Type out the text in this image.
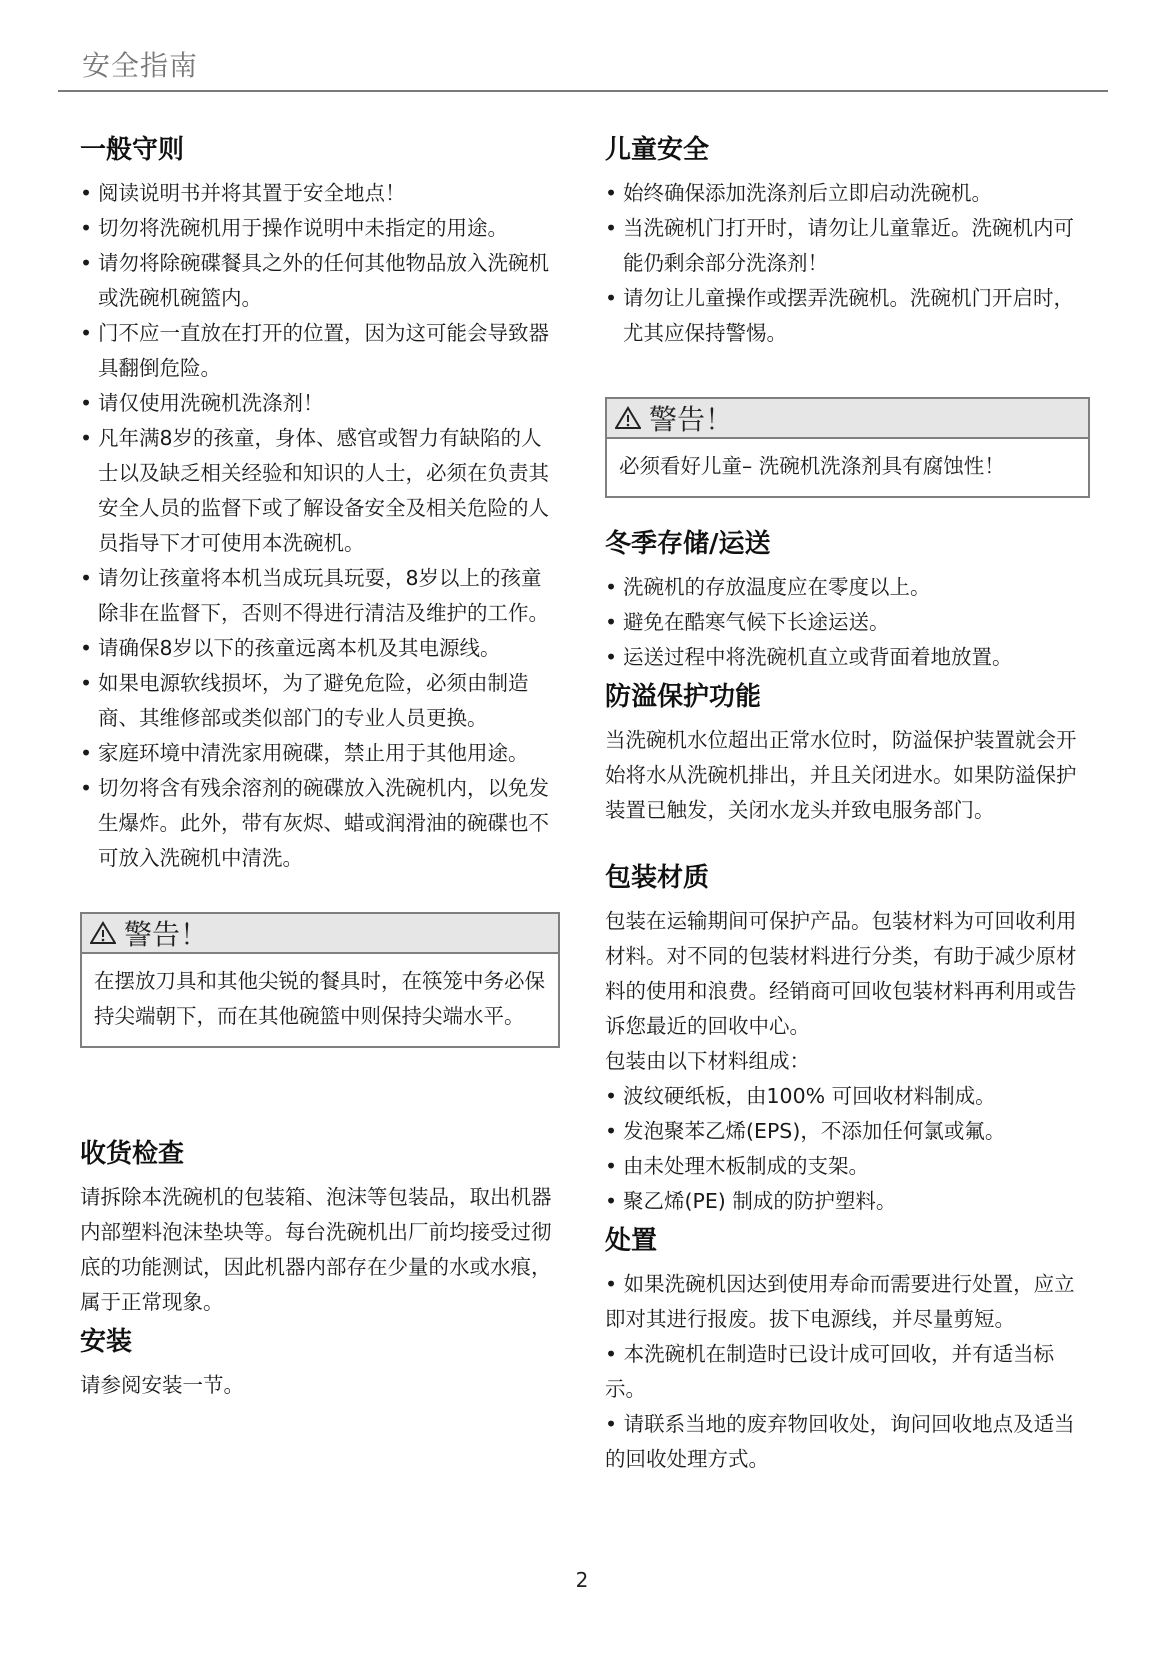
安全指南
一般守则
• 阅读说明书并将其置于安全地点！
• 切勿将洗碗机用于操作说明中未指定的用途。
• 请勿将除碗碟餐具之外的任何其他物品放入洗碗机或洗碗机碗篮内。
• 门不应一直放在打开的位置，因为这可能会导致器具翻倒危险。
• 请仅使用洗碗机洗涤剂！
• 凡年满8岁的孩童，身体、感官或智力有缺陷的人士以及缺乏相关经验和知识的人士，必须在负责其安全人员的监督下或了解设备安全及相关危险的人员指导下才可使用本洗碗机。
• 请勿让孩童将本机当成玩具玩耍，8岁以上的孩童除非在监督下，否则不得进行清洁及维护的工作。
• 请确保8岁以下的孩童远离本机及其电源线。
• 如果电源软线损坏，为了避免危险，必须由制造商、其维修部或类似部门的专业人员更换。
• 家庭环境中清洗家用碗碟，禁止用于其他用途。
• 切勿将含有残余溶剂的碗碟放入洗碗机内，以免发生爆炸。此外，带有灰烬、蜡或润滑油的碗碟也不可放入洗碗机中清洗。
警告！
在摆放刀具和其他尖锐的餐具时，在筷笼中务必保持尖端朝下，而在其他碗篮中则保持尖端水平。
收货检查

请拆除本洗碗机的包装箱、泡沫等包装品，取出机器内部塑料泡沫垫块等。每台洗碗机出厂前均接受过彻底的功能测试，因此机器内部存在少量的水或水痕，属于正常现象。

安装

请参阅安装一节。

儿童安全
• 始终确保添加洗涤剂后立即启动洗碗机。
• 当洗碗机门打开时，请勿让儿童靠近。洗碗机内可能仍剩余部分洗涤剂！
• 请勿让儿童操作或摆弄洗碗机。洗碗机门开启时，尤其应保持警惕。
警告！
必须看好儿童– 洗碗机洗涤剂具有腐蚀性！
冬季存储/运送
• 洗碗机的存放温度应在零度以上。
• 避免在酷寒气候下长途运送。
• 运送过程中将洗碗机直立或背面着地放置。
防溢保护功能

当洗碗机水位超出正常水位时，防溢保护装置就会开始将水从洗碗机排出，并且关闭进水。如果防溢保护装置已触发，关闭水龙头并致电服务部门。

包装材质

包装在运输期间可保护产品。包装材料为可回收利用材料。对不同的包装材料进行分类，有助于减少原材料的使用和浪费。经销商可回收包装材料再利用或告诉您最近的回收中心。

包装由以下材料组成：

• 波纹硬纸板，由100% 可回收材料制成。
• 发泡聚苯乙烯(EPS)，不添加任何氯或氟。
• 由未处理木板制成的支架。
• 聚乙烯(PE) 制成的防护塑料。
处置

• 如果洗碗机因达到使用寿命而需要进行处置，应立即对其进行报废。拔下电源线，并尽量剪短。

• 本洗碗机在制造时已设计成可回收，并有适当标示。

• 请联系当地的废弃物回收处，询问回收地点及适当的回收处理方式。

2
